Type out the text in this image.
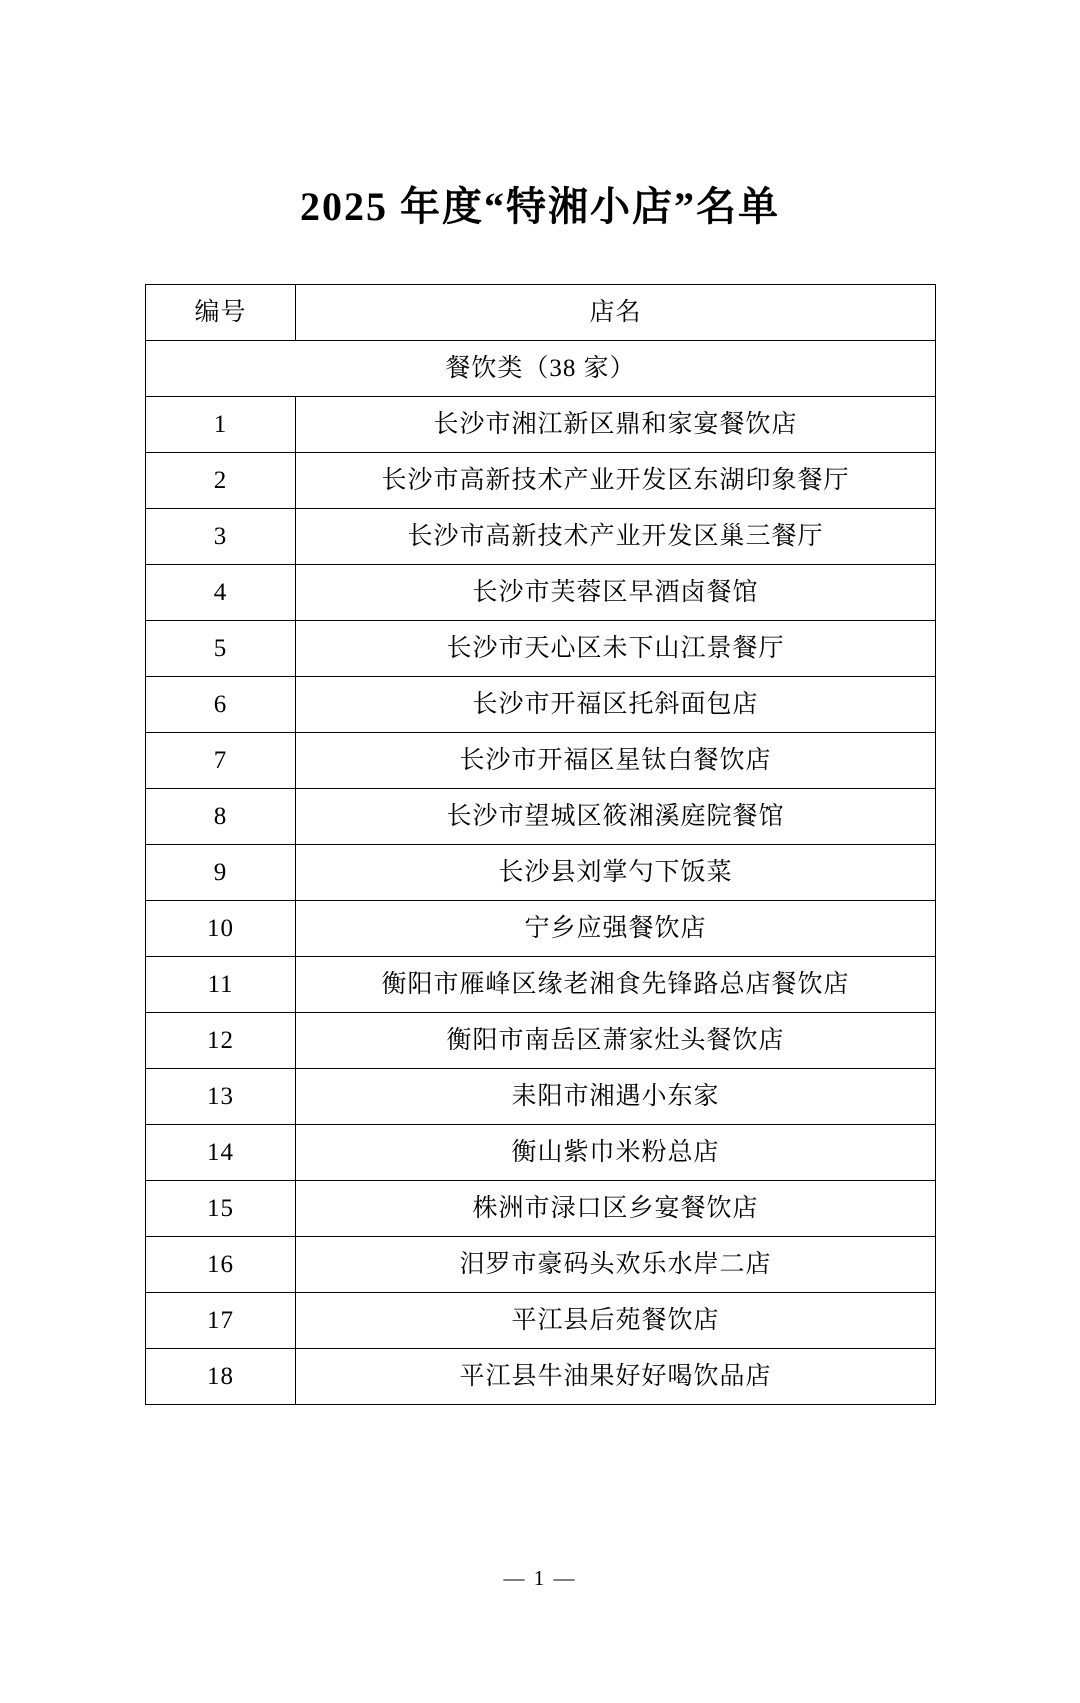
2025 年度“特湘小店”名单
编号	店名
餐饮类（38 家）	
1	长沙市湘江新区鼎和家宴餐饮店
2	长沙市高新技术产业开发区东湖印象餐厅
3	长沙市高新技术产业开发区巢三餐厅
4	长沙市芙蓉区早酒卤餐馆
5	长沙市天心区未下山江景餐厅
6	长沙市开福区托斜面包店
7	长沙市开福区星钛白餐饮店
8	长沙市望城区筱湘溪庭院餐馆
9	长沙县刘掌勺下饭菜
10	宁乡应强餐饮店
11	衡阳市雁峰区缘老湘食先锋路总店餐饮店
12	衡阳市南岳区萧家灶头餐饮店
13	耒阳市湘遇小东家
14	衡山紫巾米粉总店
15	株洲市渌口区乡宴餐饮店
16	汨罗市豪码头欢乐水岸二店
17	平江县后苑餐饮店
18	平江县牛油果好好喝饮品店
— 1 —
